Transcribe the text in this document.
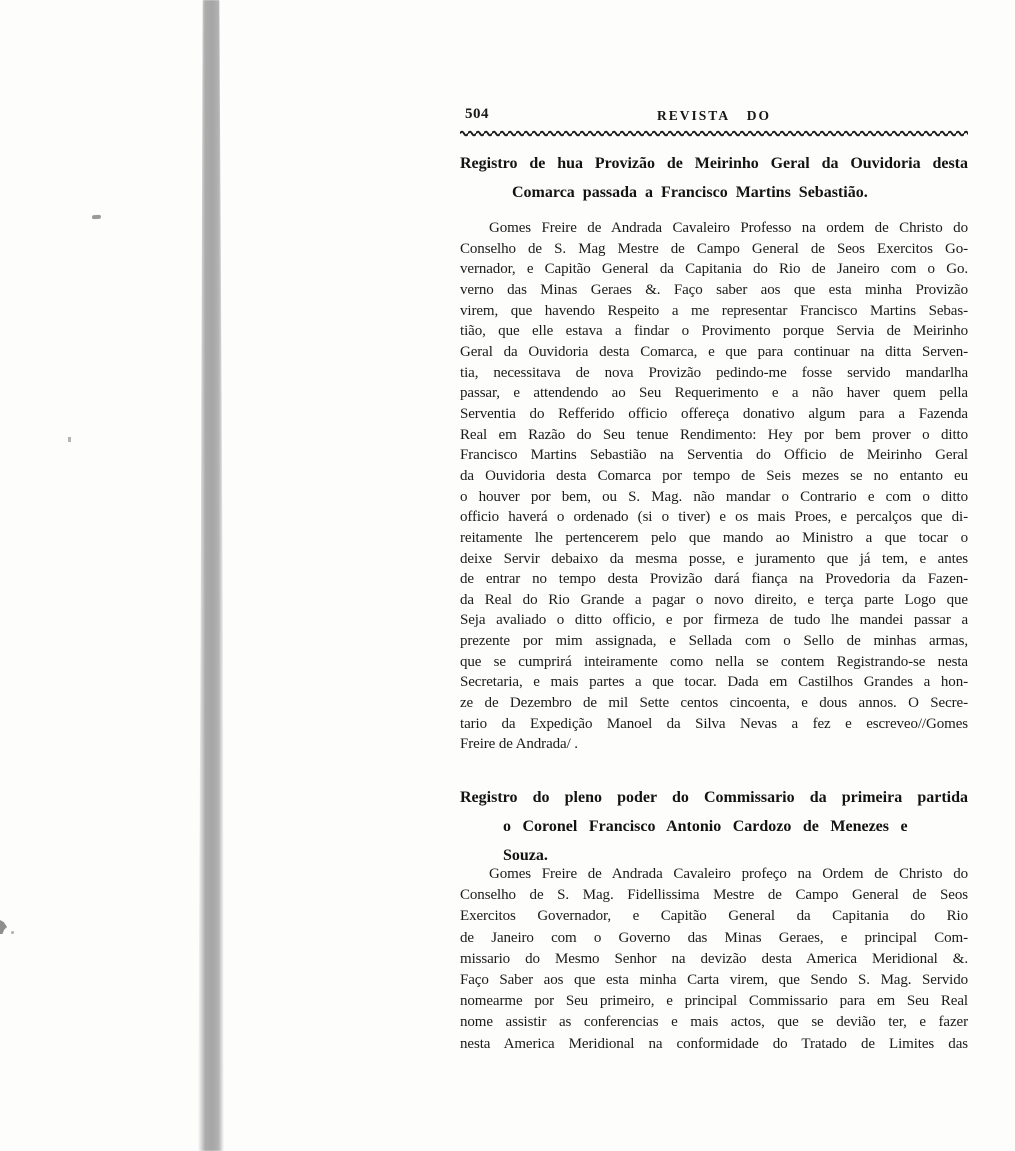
504	REVISTA DO
Registro de hua Provizão de Meirinho Geral da Ouvidoria desta
Comarca passada a Francisco Martins Sebastião.
Gomes Freire de Andrada Cavaleiro Professo na ordem de Christo do
Conselho de S. Mag Mestre de Campo General de Seos Exercitos Go-
vernador, e Capitão General da Capitania do Rio de Janeiro com o Go.
verno das Minas Geraes &. Faço saber aos que esta minha Provizão
virem, que havendo Respeito a me representar Francisco Martins Sebas-
tião, que elle estava a findar o Provimento porque Servia de Meirinho
Geral da Ouvidoria desta Comarca, e que para continuar na ditta Serven-
tia, necessitava de nova Provizão pedindo-me fosse servido mandarlha
passar, e attendendo ao Seu Requerimento e a não haver quem pella
Serventia do Refferido officio offereça donativo algum para a Fazenda
Real em Razão do Seu tenue Rendimento: Hey por bem prover o ditto
Francisco Martins Sebastião na Serventia do Officio de Meirinho Geral
da Ouvidoria desta Comarca por tempo de Seis mezes se no entanto eu
o houver por bem, ou S. Mag. não mandar o Contrario e com o ditto
officio haverá o ordenado (si o tiver) e os mais Proes, e percalços que di-
reitamente lhe pertencerem pelo que mando ao Ministro a que tocar o
deixe Servir debaixo da mesma posse, e juramento que já tem, e antes
de entrar no tempo desta Provizão dará fiança na Provedoria da Fazen-
da Real do Rio Grande a pagar o novo direito, e terça parte Logo que
Seja avaliado o ditto officio, e por firmeza de tudo lhe mandei passar a
prezente por mim assignada, e Sellada com o Sello de minhas armas,
que se cumprirá inteiramente como nella se contem Registrando-se nesta
Secretaria, e mais partes a que tocar. Dada em Castilhos Grandes a hon-
ze de Dezembro de mil Sette centos cincoenta, e dous annos. O Secre-
tario da Expedição Manoel da Silva Nevas a fez e escreveo//Gomes
Freire de Andrada/ .
Registro do pleno poder do Commissario da primeira partida
o Coronel Francisco Antonio Cardozo de Menezes e
Souza.
Gomes Freire de Andrada Cavaleiro profeço na Ordem de Christo do
Conselho de S. Mag. Fidellissima Mestre de Campo General de Seos
Exercitos Governador, e Capitão General da Capitania do Rio
de Janeiro com o Governo das Minas Geraes, e principal Com-
missario do Mesmo Senhor na devizão desta America Meridional &.
Faço Saber aos que esta minha Carta virem, que Sendo S. Mag. Servido
nomearme por Seu primeiro, e principal Commissario para em Seu Real
nome assistir as conferencias e mais actos, que se devião ter, e fazer
nesta America Meridional na conformidade do Tratado de Limites das
